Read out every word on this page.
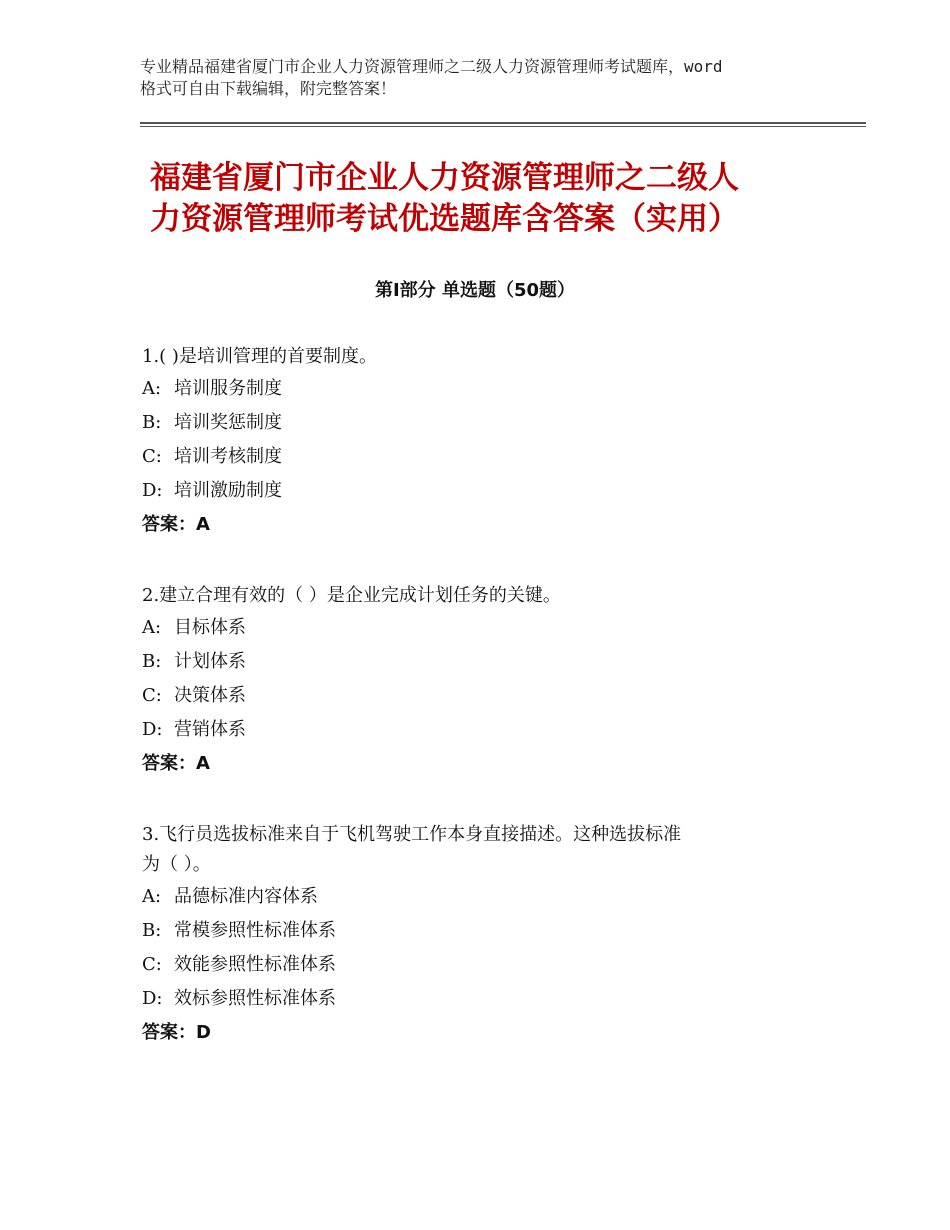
专业精品福建省厦门市企业人力资源管理师之二级人力资源管理师考试题库，word
格式可自由下载编辑，附完整答案！
福建省厦门市企业人力资源管理师之二级人
力资源管理师考试优选题库含答案（实用）
第Ⅰ部分 单选题（50题）
1.( )是培训管理的首要制度。
A: 培训服务制度
B: 培训奖惩制度
C: 培训考核制度
D: 培训激励制度
答案：A
2.建立合理有效的（ ）是企业完成计划任务的关键。
A: 目标体系
B: 计划体系
C: 决策体系
D: 营销体系
答案：A
3.飞行员选拔标准来自于飞机驾驶工作本身直接描述。这种选拔标准
为（ ）。
A: 品德标准内容体系
B: 常模参照性标准体系
C: 效能参照性标准体系
D: 效标参照性标准体系
答案：D
